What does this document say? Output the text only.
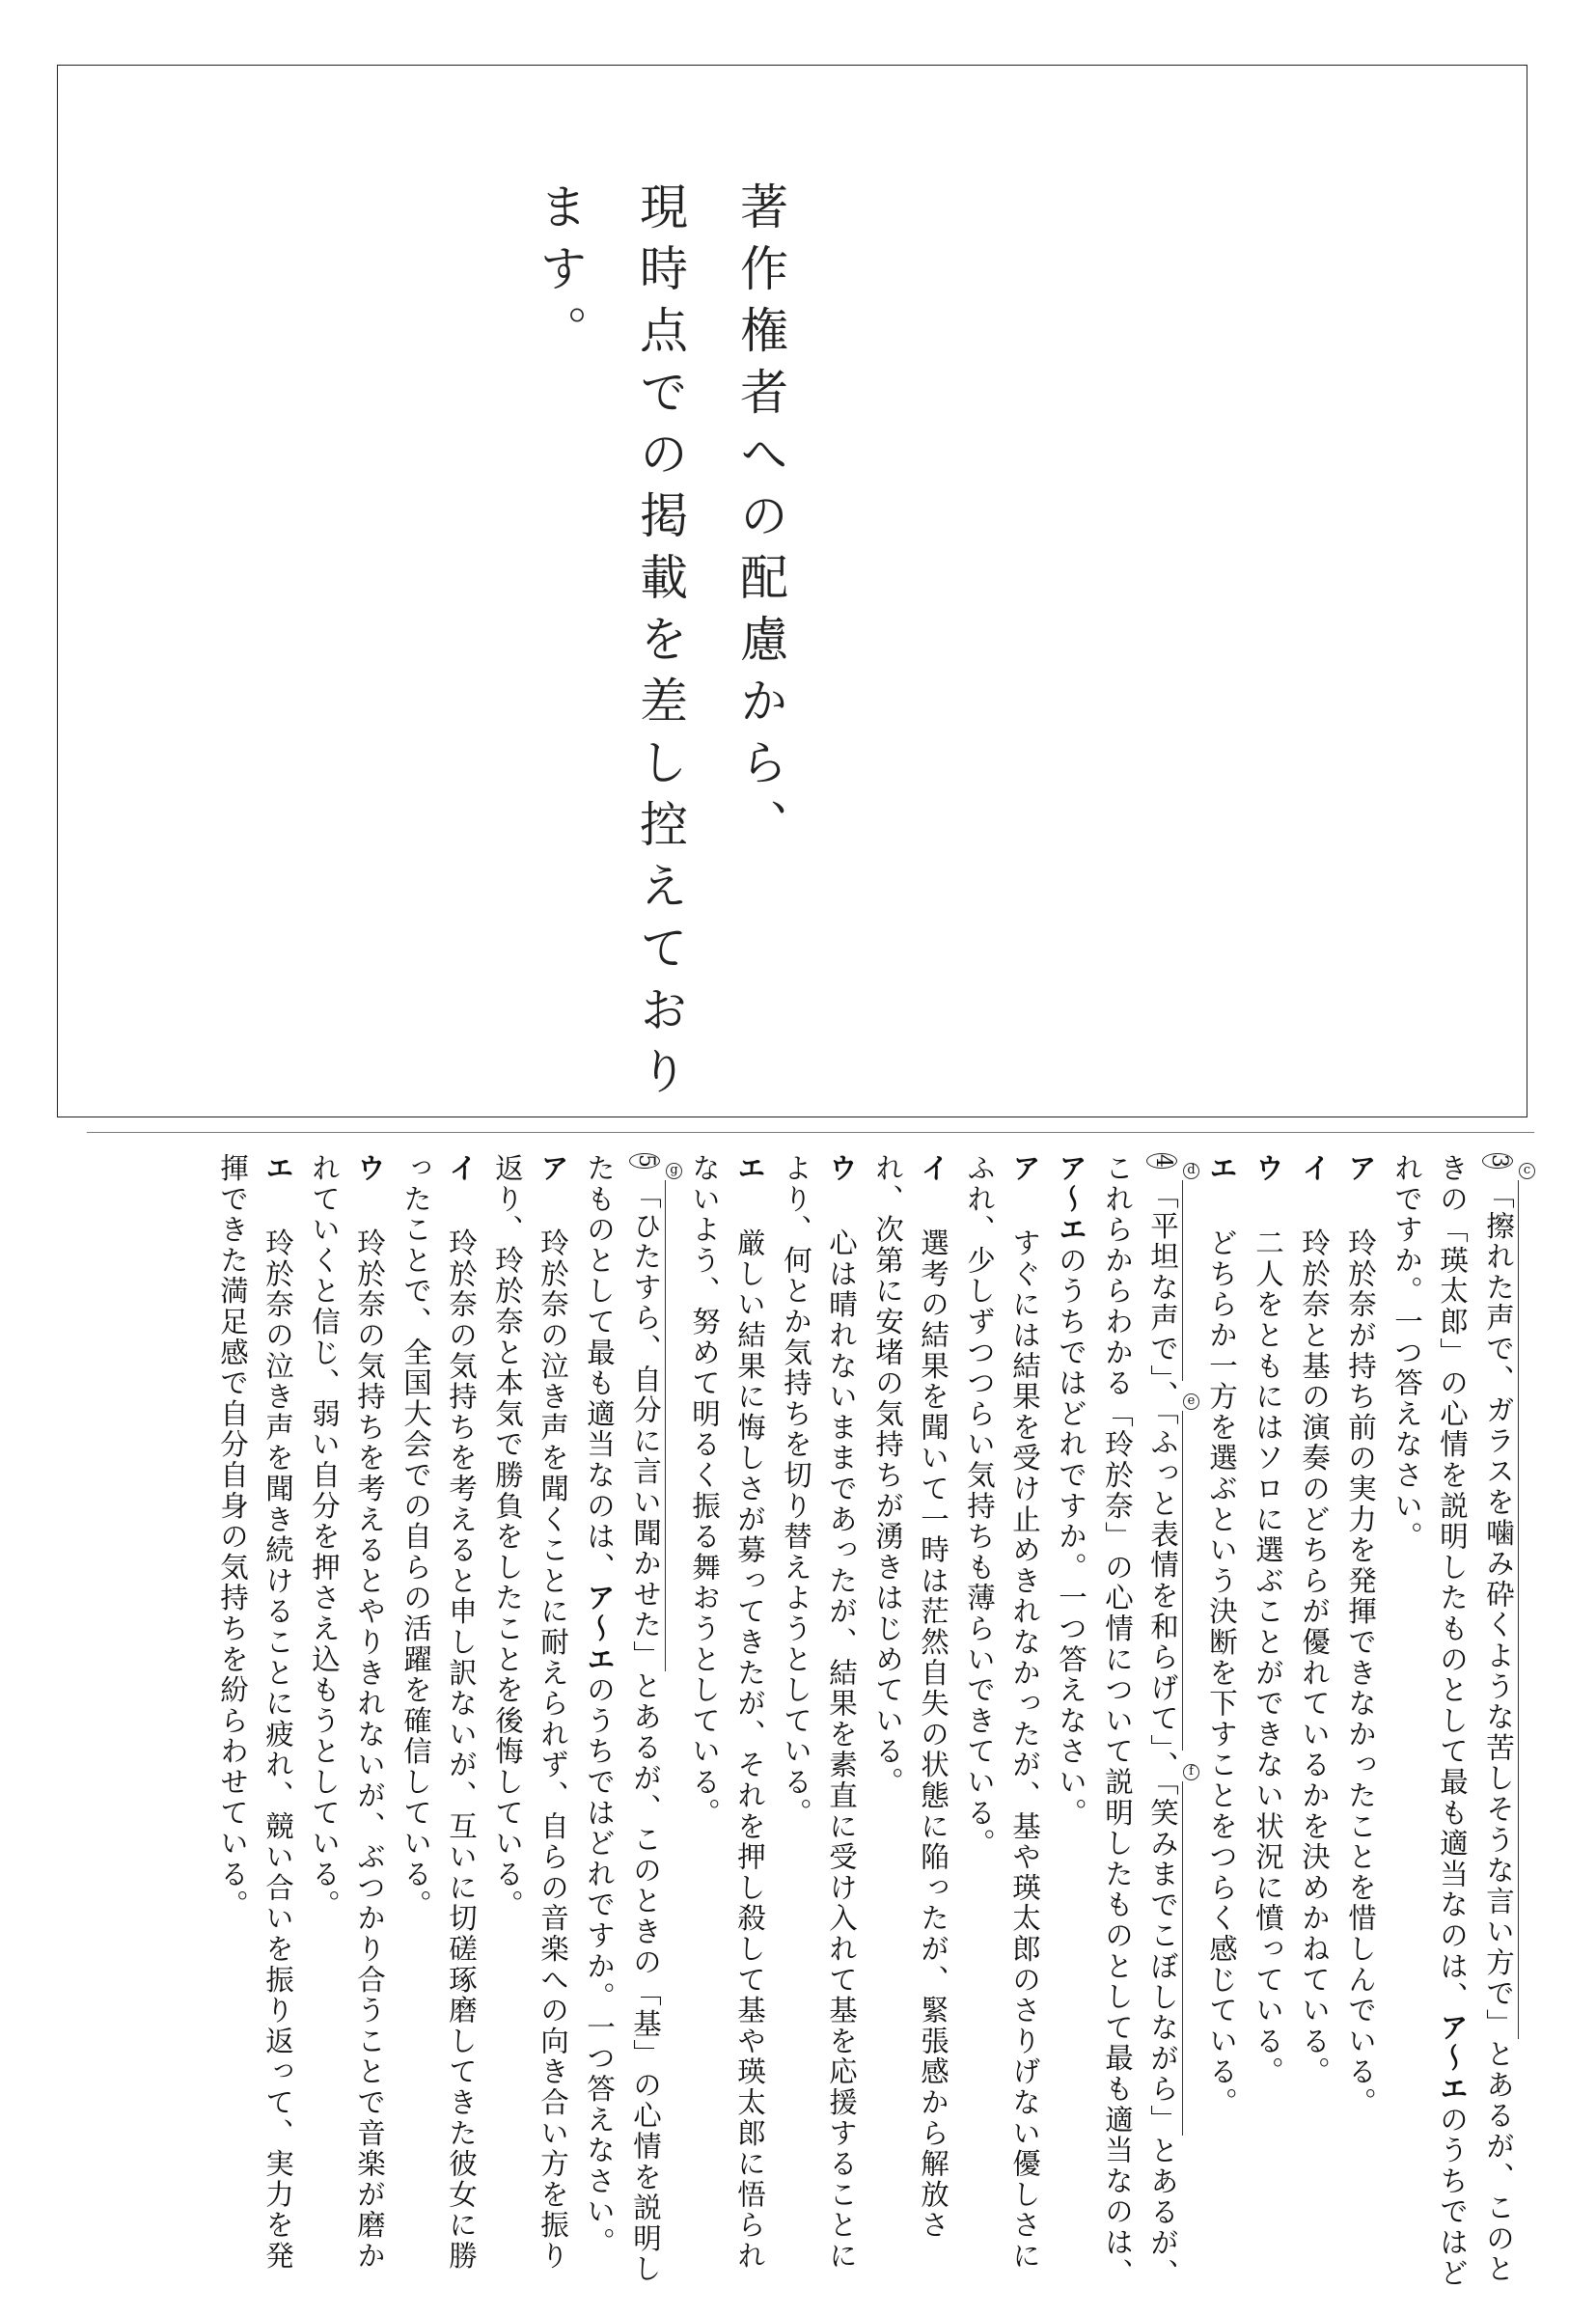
著作権者への配慮から、
現時点での掲載を差し控えております。
3
c
「擦れた声で、ガラスを噛み砕くような苦しそうな言い方で」とあるが、このときの「瑛太郎」の心情を説明したものとして最も適当なのは、ア〜エのうちではどれですか。一つ答えなさい。
ア　玲於奈が持ち前の実力を発揮できなかったことを惜しんでいる。
イ　玲於奈と基の演奏のどちらが優れているかを決めかねている。
ウ　二人をともにはソロに選ぶことができない状況に憤っている。
エ　どちらか一方を選ぶという決断を下すことをつらく感じている。
4
d
「平坦な声で」、 e
「ふっと表情を和らげて」、 f
「笑みまでこぼしながら」とあるが、これらからわかる「玲於奈」の心情について説明したものとして最も適当なのは、ア〜エのうちではどれですか。一つ答えなさい。
ア　すぐには結果を受け止めきれなかったが、基や瑛太郎のさりげない優しさにふれ、少しずつつらい気持ちも薄らいできている。
イ　選考の結果を聞いて一時は茫然自失の状態に陥ったが、緊張感から解放され、次第に安堵の気持ちが湧きはじめている。
ウ　心は晴れないままであったが、結果を素直に受け入れて基を応援することにより、何とか気持ちを切り替えようとしている。
エ　厳しい結果に悔しさが募ってきたが、それを押し殺して基や瑛太郎に悟られないよう、努めて明るく振る舞おうとしている。
5
g
「ひたすら、自分に言い聞かせた」とあるが、このときの「基」の心情を説明したものとして最も適当なのは、ア〜エのうちではどれですか。一つ答えなさい。
ア　玲於奈の泣き声を聞くことに耐えられず、自らの音楽への向き合い方を振り返り、玲於奈と本気で勝負をしたことを後悔している。
イ　玲於奈の気持ちを考えると申し訳ないが、互いに切磋琢磨してきた彼女に勝ったことで、全国大会での自らの活躍を確信している。
ウ　玲於奈の気持ちを考えるとやりきれないが、ぶつかり合うことで音楽が磨かれていくと信じ、弱い自分を押さえ込もうとしている。
エ　玲於奈の泣き声を聞き続けることに疲れ、競い合いを振り返って、実力を発揮できた満足感で自分自身の気持ちを紛らわせている。
